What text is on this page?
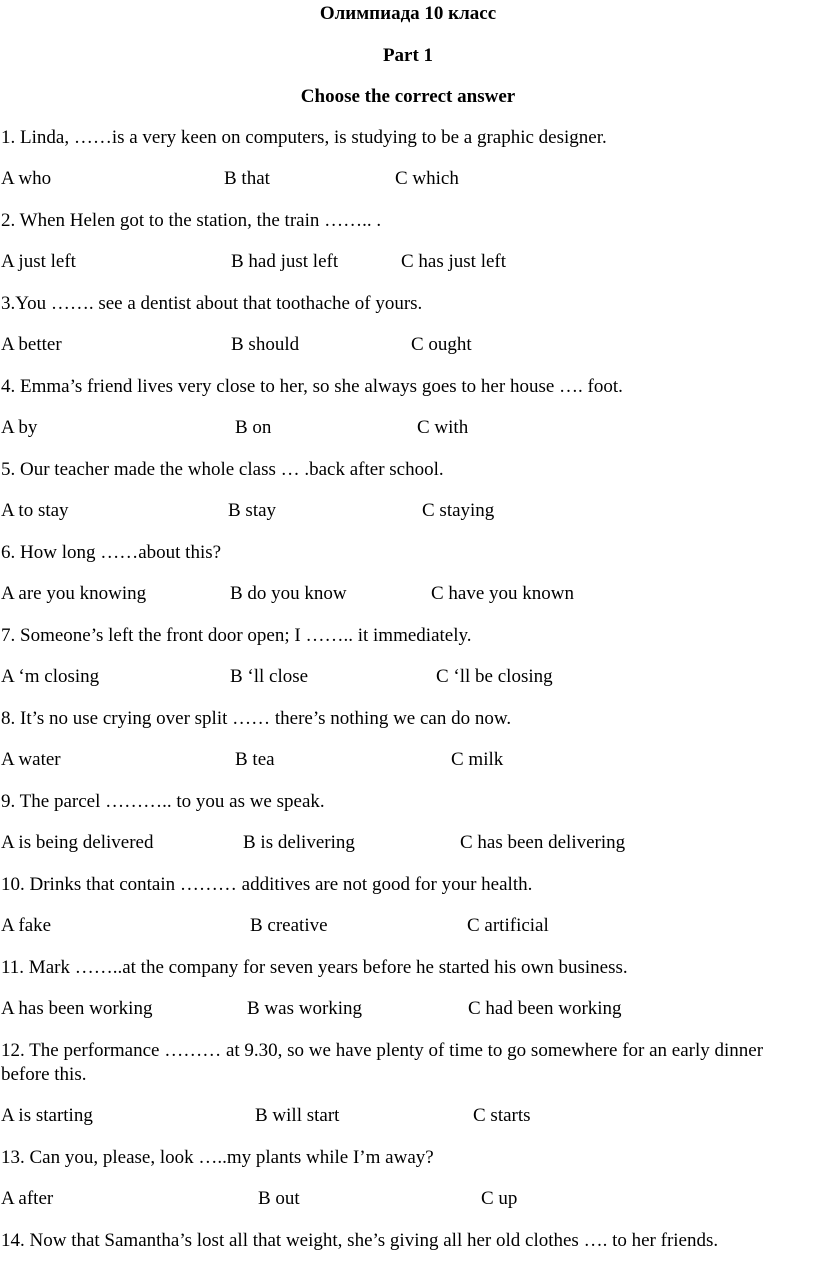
Олимпиада 10 класс
Part 1
Choose the correct answer
1. Linda, ……is a very keen on computers, is studying to be a graphic designer.
A who	B that	C which
2. When Helen got to the station, the train …….. .
A just left	B had just left	C has just left
3.You ……. see a dentist about that toothache of yours.
A better	B should	C ought
4. Emma’s friend lives very close to her, so she always goes to her house …. foot.
A by	B on	C with
5. Our teacher made the whole class … .back after school.
A to stay	B stay	C staying
6. How long ……about this?
A are you knowing	B do you know	C have you known
7. Someone’s left the front door open; I …….. it immediately.
A ‘m closing	B ‘ll close	C ‘ll be closing
8. It’s no use crying over split …… there’s nothing we can do now.
A water	B tea	C milk
9. The parcel ……….. to you as we speak.
A is being delivered	B is delivering	C has been delivering
10. Drinks that contain ……… additives are not good for your health.
A fake	B creative	C artificial
11. Mark ……..at the company for seven years before he started his own business.
A has been working	B was working	C had been working
12. The performance ……… at 9.30, so we have plenty of time to go somewhere for an early dinner before this.
A is starting	B will start	C starts
13. Can you, please, look …..my plants while I’m away?
A after	B out	C up
14. Now that Samantha’s lost all that weight, she’s giving all her old clothes …. to her friends.
